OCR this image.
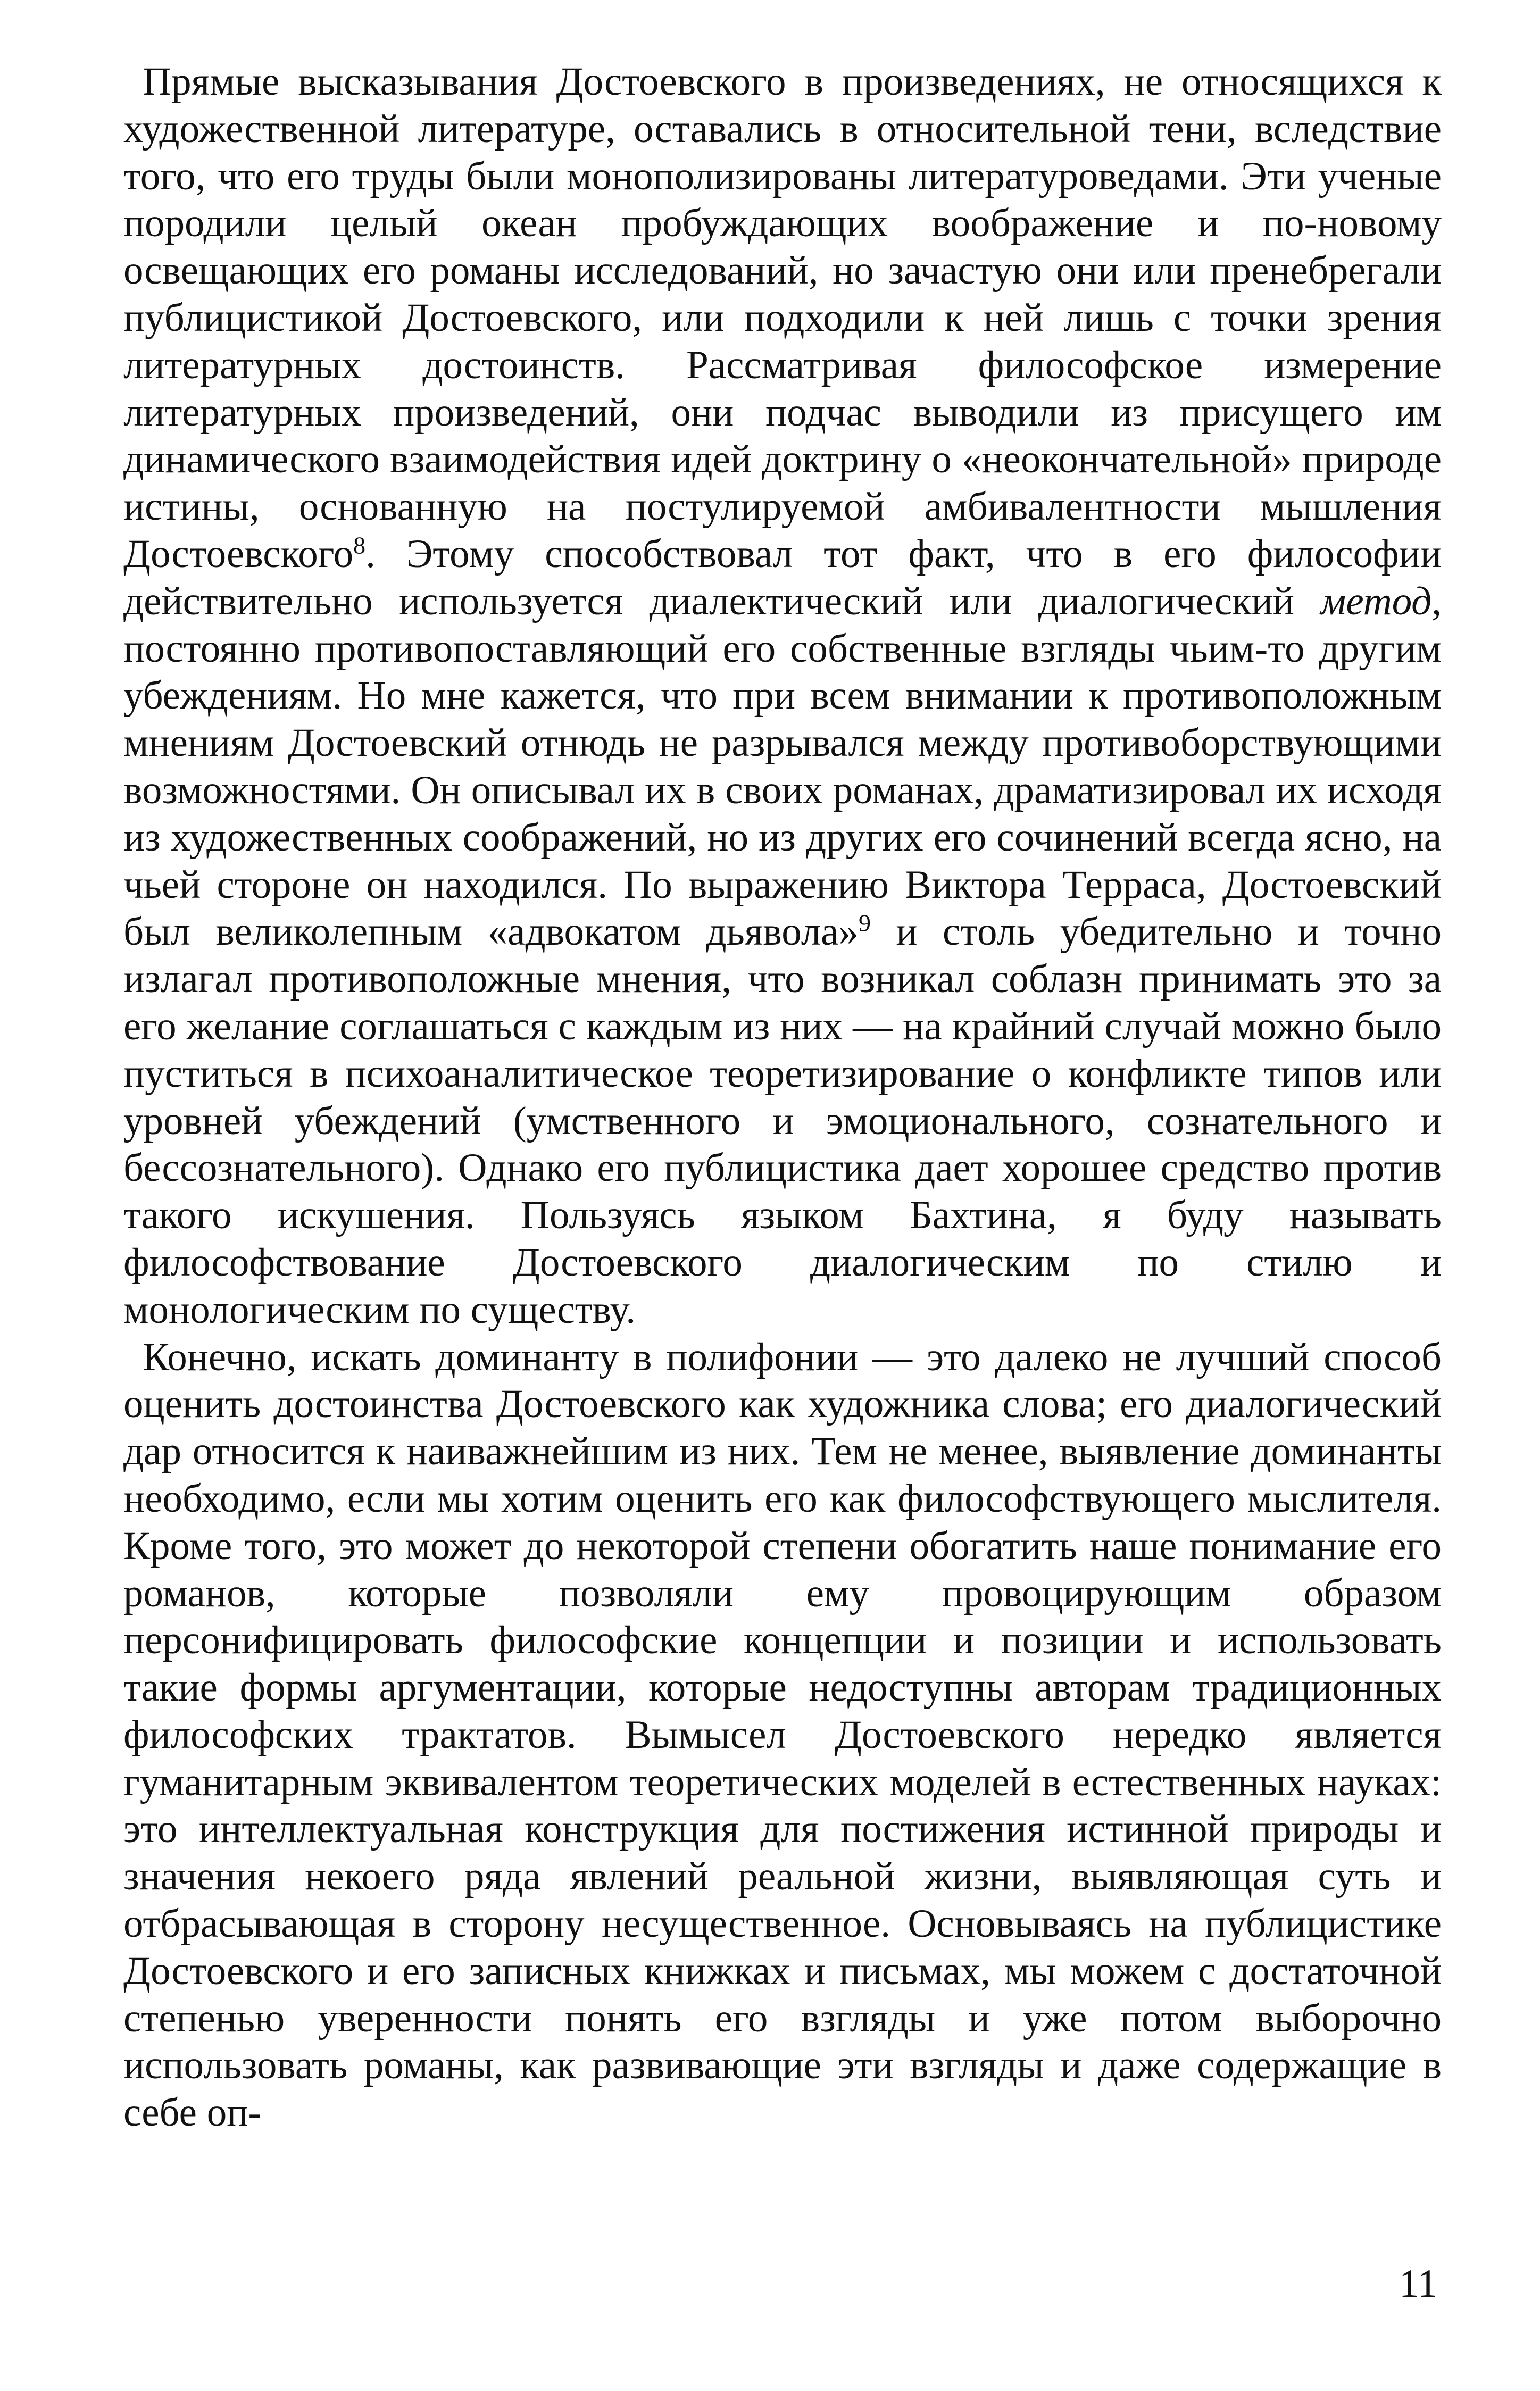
Прямые высказывания Достоевского в произведениях, не относящихся к художественной литературе, оставались в относительной тени, вследствие того, что его труды были монополизированы литературоведами. Эти ученые породили целый океан пробуждающих воображение и по-новому освещающих его романы исследований, но зачастую они или пренебрегали публицистикой Достоевского, или подходили к ней лишь с точки зрения литературных достоинств. Рассматривая философское измерение литературных произведений, они подчас выводили из присущего им динамического взаимодействия идей доктрину о «неокончательной» природе истины, основанную на постулируемой амбивалентности мышления Достоевского$^8$. Этому способствовал тот факт, что в его философии действительно используется диалектический или диалогический метод, постоянно противопоставляющий его собственные взгляды чьим-то другим убеждениям. Но мне кажется, что при всем внимании к противоположным мнениям Достоевский отнюдь не разрывался между противоборствующими возможностями. Он описывал их в своих романах, драматизировал их исходя из художественных соображений, но из других его сочинений всегда ясно, на чьей стороне он находился. По выражению Виктора Терраса, Достоевский был великолепным «адвокатом дьявола»$^9$ и столь убедительно и точно излагал противоположные мнения, что возникал соблазн принимать это за его желание соглашаться с каждым из них — на крайний случай можно было пуститься в психоаналитическое теоретизирование о конфликте типов или уровней убеждений (умственного и эмоционального, сознательного и бессознательного). Однако его публицистика дает хорошее средство против такого искушения. Пользуясь языком Бахтина, я буду называть философствование Достоевского диалогическим по стилю и монологическим по существу.

Конечно, искать доминанту в полифонии — это далеко не лучший способ оценить достоинства Достоевского как художника слова; его диалогический дар относится к наиважнейшим из них. Тем не менее, выявление доминанты необходимо, если мы хотим оценить его как философствующего мыслителя. Кроме того, это может до некоторой степени обогатить наше понимание его романов, которые позволяли ему провоцирующим образом персонифицировать философские концепции и позиции и использовать такие формы аргументации, которые недоступны авторам традиционных философских трактатов. Вымысел Достоевского нередко является гуманитарным эквивалентом теоретических моделей в естественных науках: это интеллектуальная конструкция для постижения истинной природы и значения некоего ряда явлений реальной жизни, выявляющая суть и отбрасывающая в сторону несущественное. Основываясь на публицистике Достоевского и его записных книжках и письмах, мы можем с достаточной степенью уверенности понять его взгляды и уже потом выборочно использовать романы, как развивающие эти взгляды и даже содержащие в себе оп-

11
